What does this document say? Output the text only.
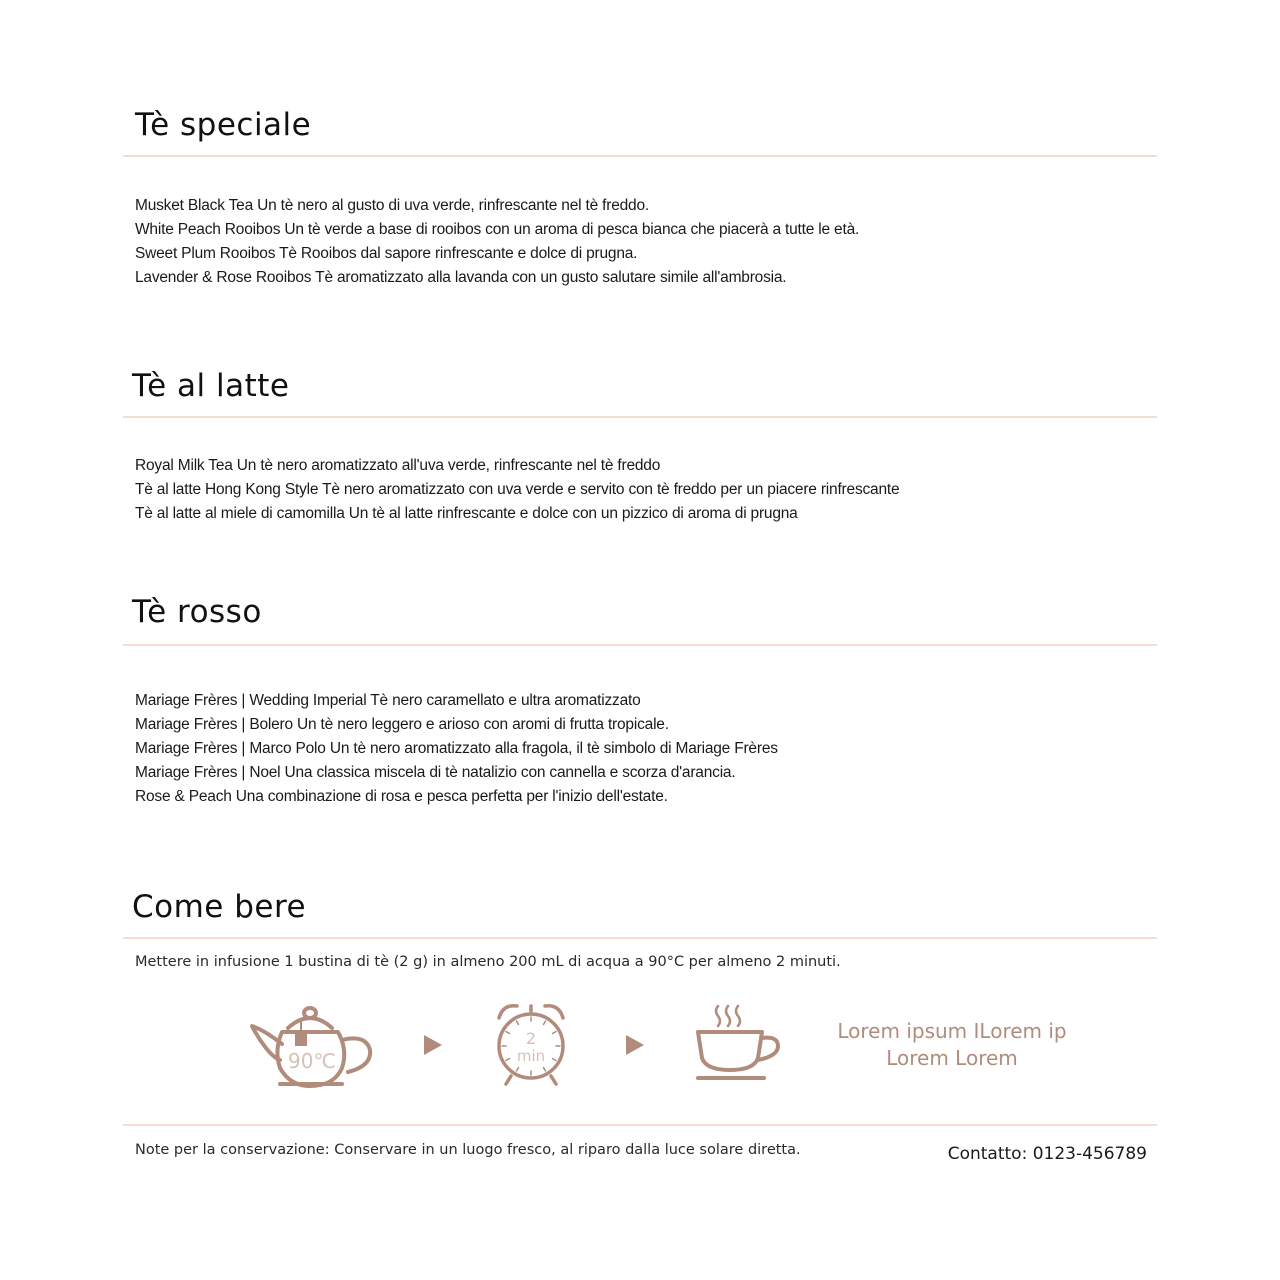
Tè speciale
Musket Black Tea Un tè nero al gusto di uva verde, rinfrescante nel tè freddo.
White Peach Rooibos Un tè verde a base di rooibos con un aroma di pesca bianca che piacerà a tutte le età.
Sweet Plum Rooibos Tè Rooibos dal sapore rinfrescante e dolce di prugna.
Lavender & Rose Rooibos Tè aromatizzato alla lavanda con un gusto salutare simile all'ambrosia.
Tè al latte
Royal Milk Tea Un tè nero aromatizzato all'uva verde, rinfrescante nel tè freddo
Tè al latte Hong Kong Style Tè nero aromatizzato con uva verde e servito con tè freddo per un piacere rinfrescante
Tè al latte al miele di camomilla Un tè al latte rinfrescante e dolce con un pizzico di aroma di prugna
Tè rosso
Mariage Frères | Wedding Imperial Tè nero caramellato e ultra aromatizzato
Mariage Frères | Bolero Un tè nero leggero e arioso con aromi di frutta tropicale.
Mariage Frères | Marco Polo Un tè nero aromatizzato alla fragola, il tè simbolo di Mariage Frères
Mariage Frères | Noel Una classica miscela di tè natalizio con cannella e scorza d'arancia.
Rose & Peach Una combinazione di rosa e pesca perfetta per l'inizio dell'estate.
Come bere
Mettere in infusione 1 bustina di tè (2 g) in almeno 200 mL di acqua a 90°C per almeno 2 minuti.
90℃
2
min
Lorem ipsum ILorem ip
Lorem Lorem
Note per la conservazione: Conservare in un luogo fresco, al riparo dalla luce solare diretta.	Contatto: 0123-456789
